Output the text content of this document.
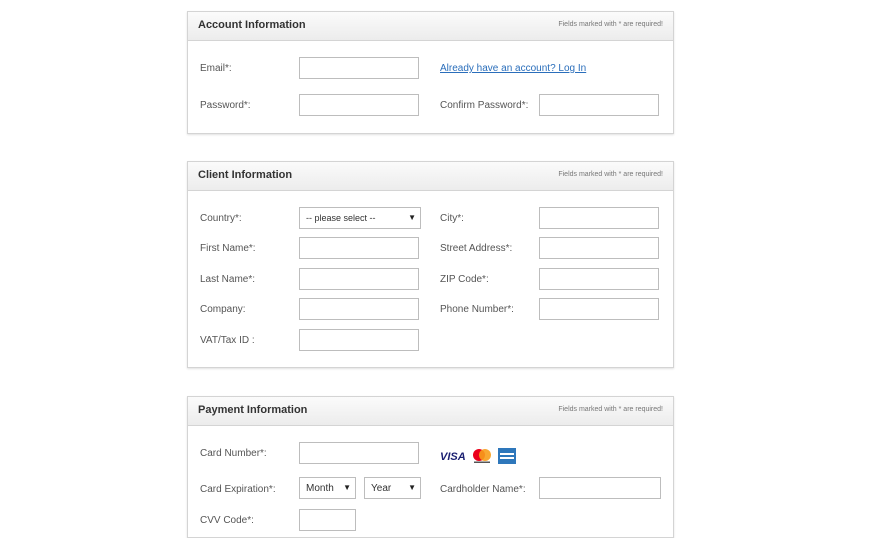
Account Information	Fields marked with * are required!
Email*:	Already have an account? Log In
Password*:	Confirm Password*:
Client Information	Fields marked with * are required!
Country*:	-- please select --	▼ City*:
First Name*:	Street Address*:
Last Name*:	ZIP Code*:
Company:	Phone Number*:
VAT/Tax ID :
Payment Information	Fields marked with * are required!
Card Number*:	VISA
Card Expiration*:	Month ▼	Year ▼ Cardholder Name*:
CVV Code*:
